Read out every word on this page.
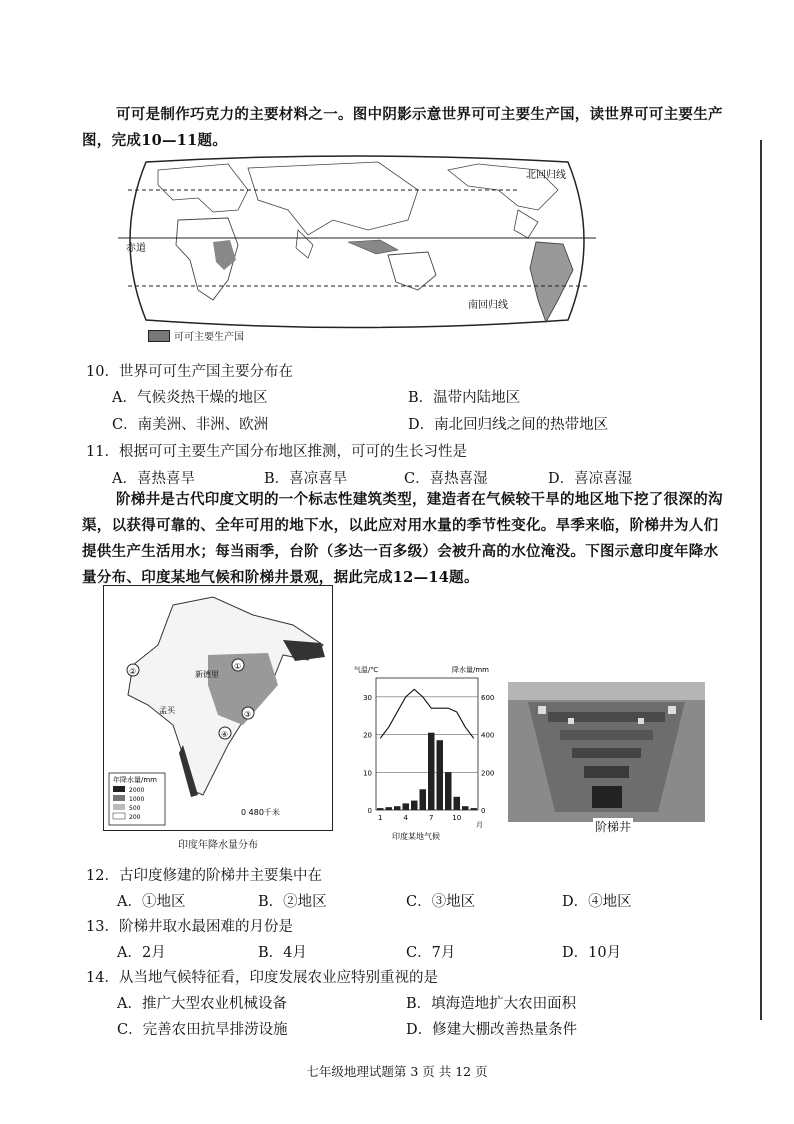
可可是制作巧克力的主要材料之一。图中阴影示意世界可可主要生产国，读世界可可主要生产图，完成10—11题。
北回归线
赤道
南回归线
可可主要生产国
10．世界可可生产国主要分布在
A．气候炎热干燥的地区	B．温带内陆地区
C．南美洲、非洲、欧洲	D．南北回归线之间的热带地区
11．根据可可主要生产国分布地区推测，可可的生长习性是
A．喜热喜旱	B．喜凉喜旱	C．喜热喜湿	D．喜凉喜湿
阶梯井是古代印度文明的一个标志性建筑类型，建造者在气候较干旱的地区地下挖了很深的沟渠，以获得可靠的、全年可用的地下水，以此应对用水量的季节性变化。旱季来临，阶梯井为人们提供生产生活用水；每当雨季，台阶（多达一百多级）会被升高的水位淹没。下图示意印度年降水量分布、印度某地气候和阶梯井景观，据此完成12—14题。
①
②
③
④
新德里
孟买
年降水量/mm
2000
1000
500
200
0 480千米
印度年降水量分布
气温/℃	降水量/mm
0
10
20
30
0
200
400
600
1	4	7	10
月
印度某地气候
阶梯井
12．古印度修建的阶梯井主要集中在
A．①地区	B．②地区	C．③地区	D．④地区
13．阶梯井取水最困难的月份是
A．2月	B．4月	C．7月	D．10月
14．从当地气候特征看，印度发展农业应特别重视的是
A．推广大型农业机械设备	B．填海造地扩大农田面积
C．完善农田抗旱排涝设施	D．修建大棚改善热量条件
七年级地理试题第 3 页 共 12 页
